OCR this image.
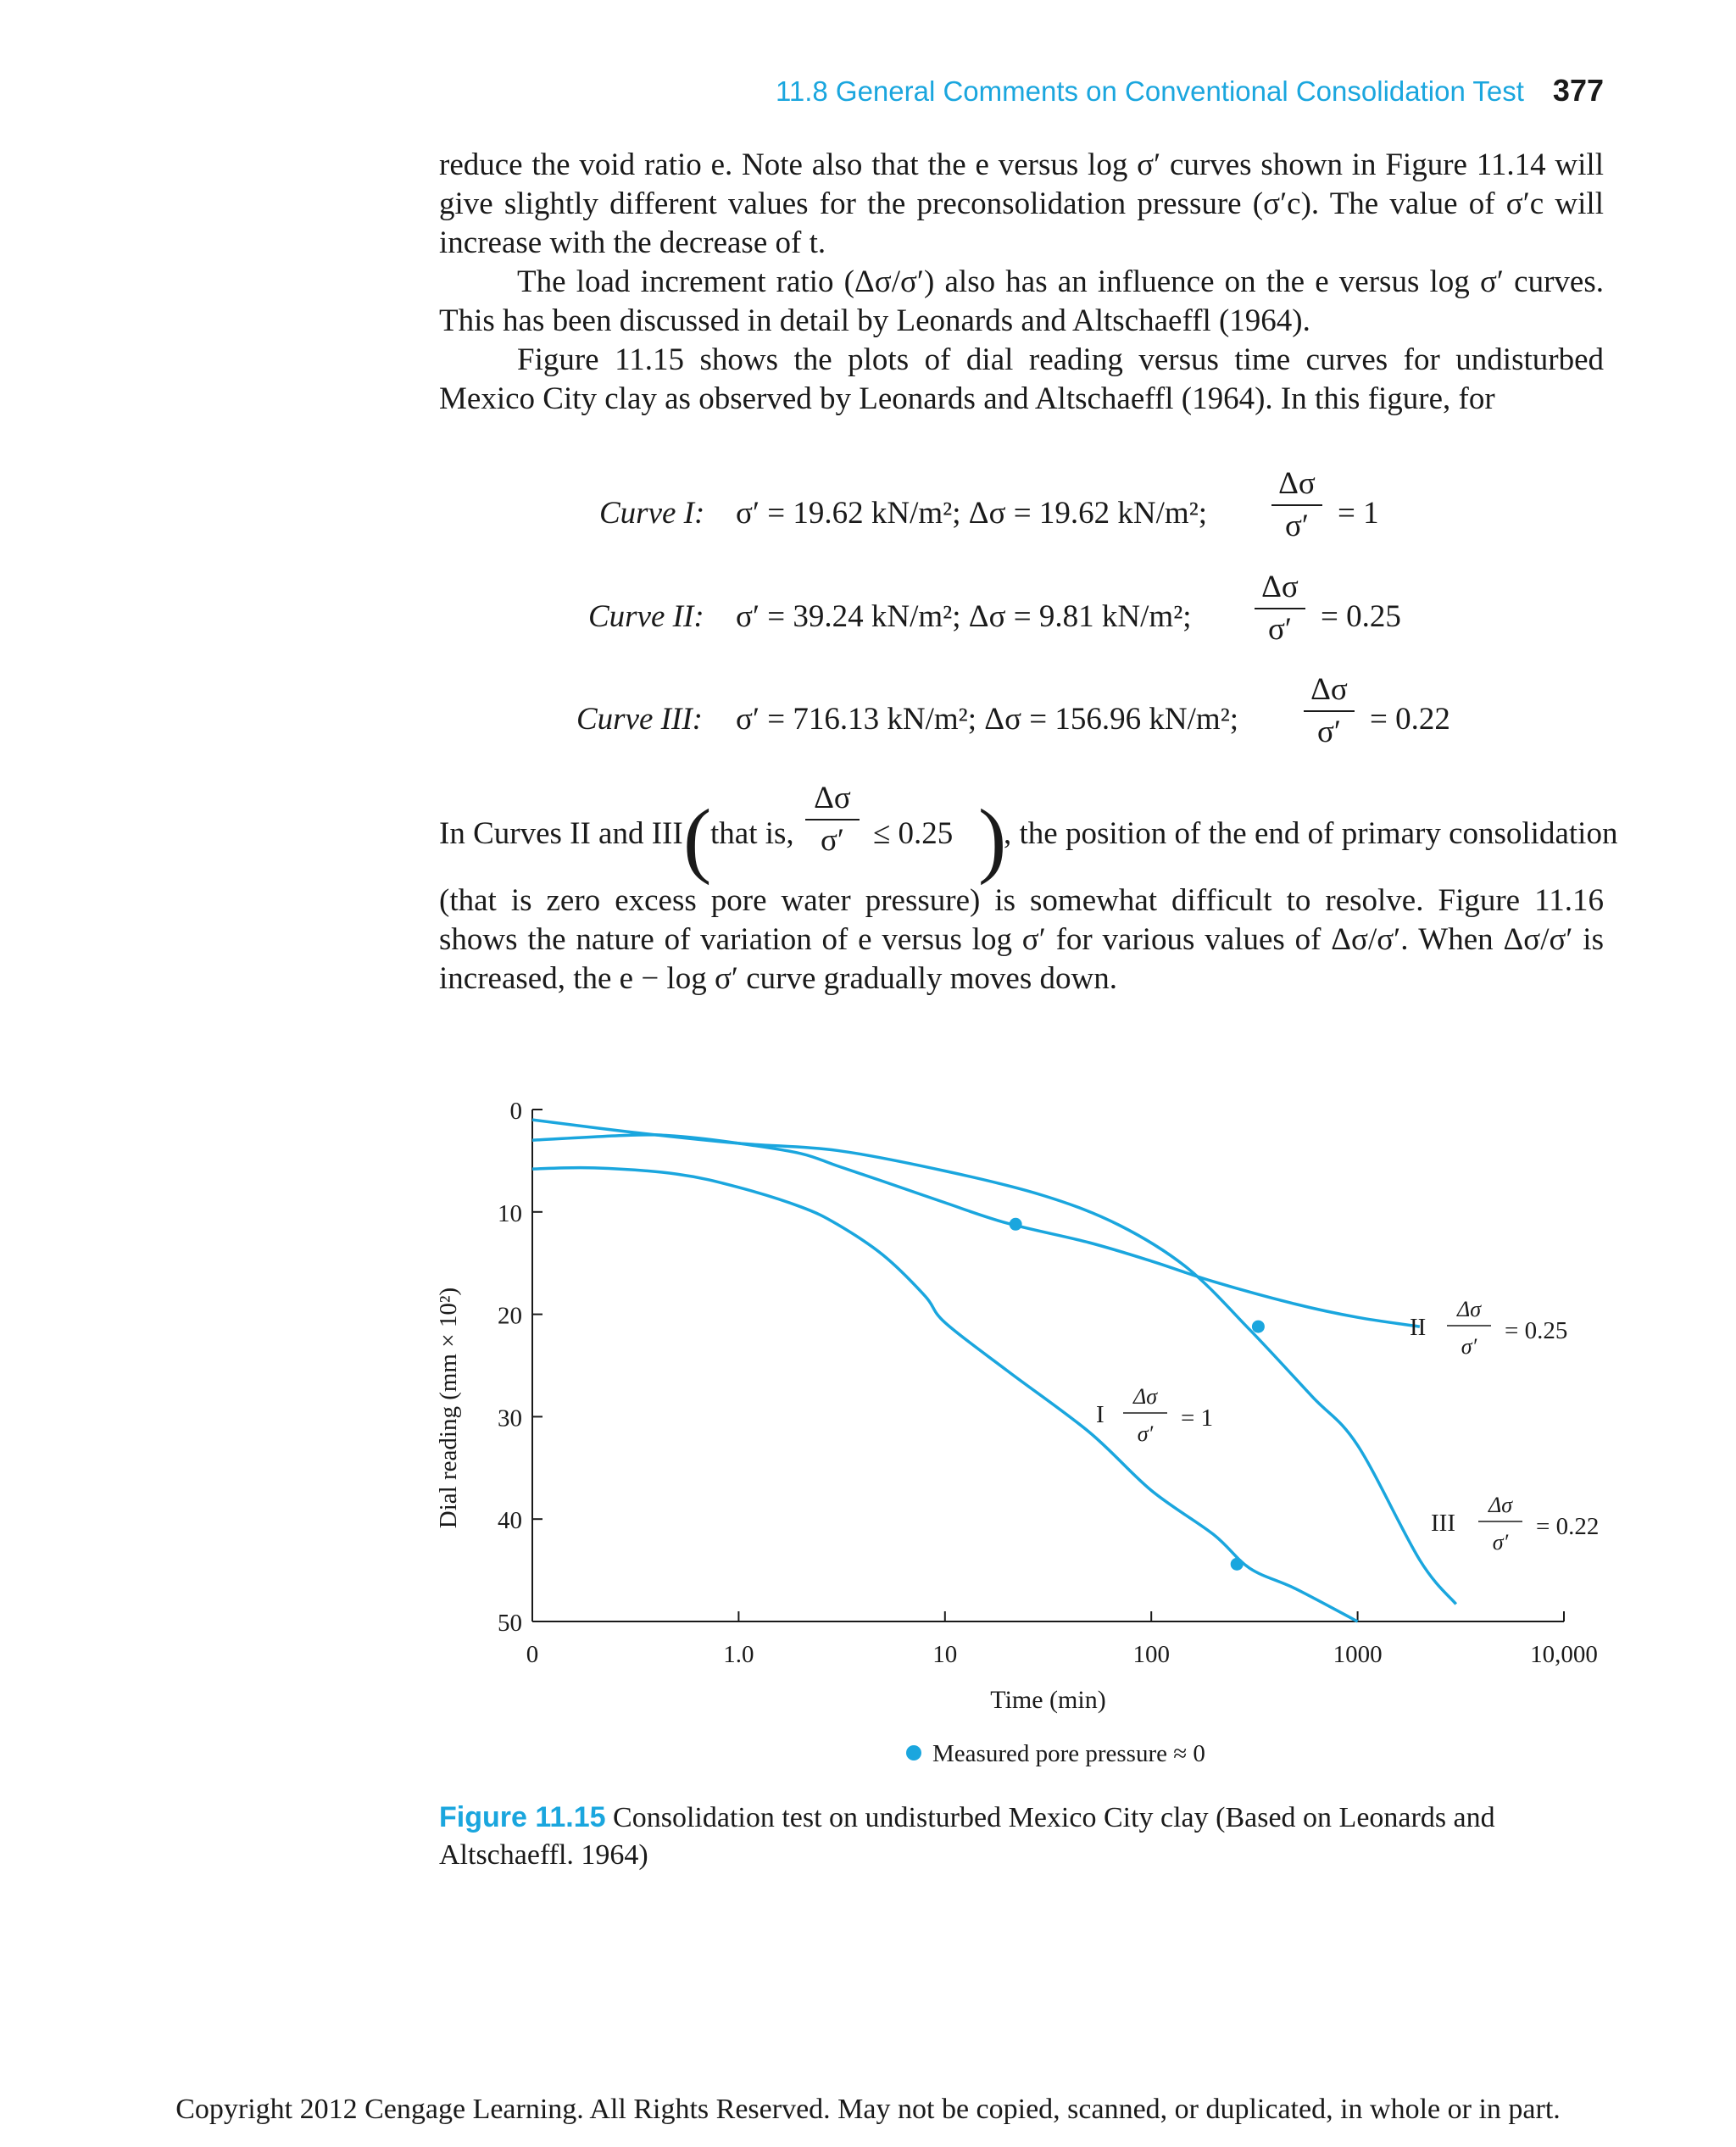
11.8 General Comments on Conventional Consolidation Test 377

reduce the void ratio e. Note also that the e versus log σ′ curves shown in Figure 11.14 will give slightly different values for the preconsolidation pressure (σ′c). The value of σ′c will increase with the decrease of t.

The load increment ratio (Δσ/σ′) also has an influence on the e versus log σ′ curves. This has been discussed in detail by Leonards and Altschaeffl (1964).

Figure 11.15 shows the plots of dial reading versus time curves for undisturbed Mexico City clay as observed by Leonards and Altschaeffl (1964). In this figure, for

Curve I: σ′ = 19.62 kN/m²; Δσ = 19.62 kN/m²;
Δσ
σ′ = 1
Curve II: σ′ = 39.24 kN/m²; Δσ = 9.81 kN/m²;
Δσ
σ′ = 0.25
Curve III: σ′ = 716.13 kN/m²; Δσ = 156.96 kN/m²;
Δσ
σ′ = 0.22
In Curves II and III (
that is,
Δσ
σ′ ≤ 0.25 )
, the position of the end of primary consolidation

(that is zero excess pore water pressure) is somewhat difficult to resolve. Figure 11.16 shows the nature of variation of e versus log σ′ for various values of Δσ/σ′. When Δσ/σ′ is increased, the e − log σ′ curve gradually moves down.

0
10
20
30
40
50
0	1.0	10	100	1000	10,000
Time (min)
Dial reading (mm × 10²)	I
Δσ
σ′
= 1
II
Δσ
σ′
= 0.25
III
Δσ
σ′
= 0.22
Measured pore pressure ≈ 0
Figure 11.15 Consolidation test on undisturbed Mexico City clay (Based on Leonards and Altschaeffl. 1964)
Copyright 2012 Cengage Learning. All Rights Reserved. May not be copied, scanned, or duplicated, in whole or in part.
